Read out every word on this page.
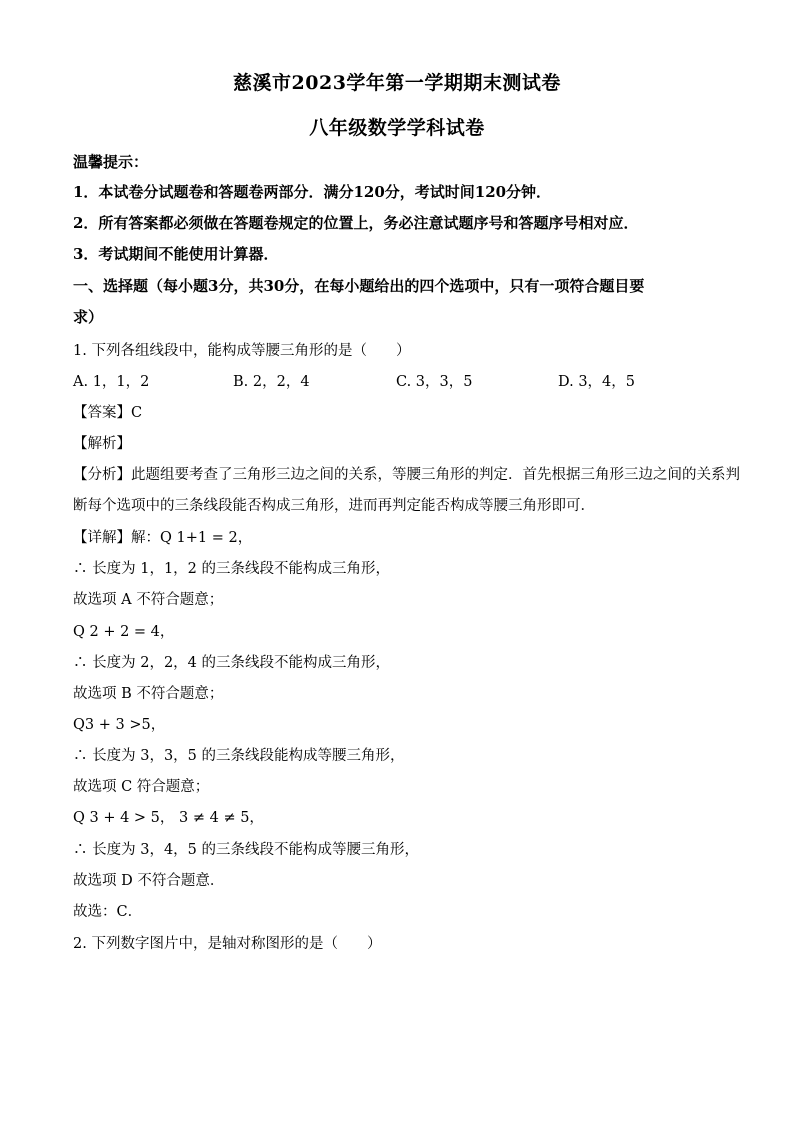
慈溪市2023学年第一学期期末测试卷
八年级数学学科试卷
温馨提示：
1．本试卷分试题卷和答题卷两部分．满分120分，考试时间120分钟．
2．所有答案都必须做在答题卷规定的位置上，务必注意试题序号和答题序号相对应．
3．考试期间不能使用计算器．
一、选择题（每小题3分，共30分，在每小题给出的四个选项中，只有一项符合题目要
求）
1. 下列各组线段中，能构成等腰三角形的是（　　）
A. 1，1，2	B. 2，2，4	C. 3，3，5	D. 3，4，5
【答案】C
【解析】
【分析】此题组要考查了三角形三边之间的关系，等腰三角形的判定．首先根据三角形三边之间的关系判
断每个选项中的三条线段能否构成三角形，进而再判定能否构成等腰三角形即可．
【详解】解：Q 1+1 = 2，
∴ 长度为 1，1，2 的三条线段不能构成三角形，
故选项 A 不符合题意；
Q 2 + 2 = 4，
∴ 长度为 2，2，4 的三条线段不能构成三角形，
故选项 B 不符合题意；
Q3 + 3 >5，
∴ 长度为 3，3，5 的三条线段能构成等腰三角形，
故选项 C 符合题意；
Q 3 + 4 > 5， 3 ≠ 4 ≠ 5，
∴ 长度为 3，4，5 的三条线段不能构成等腰三角形，
故选项 D 不符合题意．
故选：C．
2. 下列数字图片中，是轴对称图形的是（　　）
